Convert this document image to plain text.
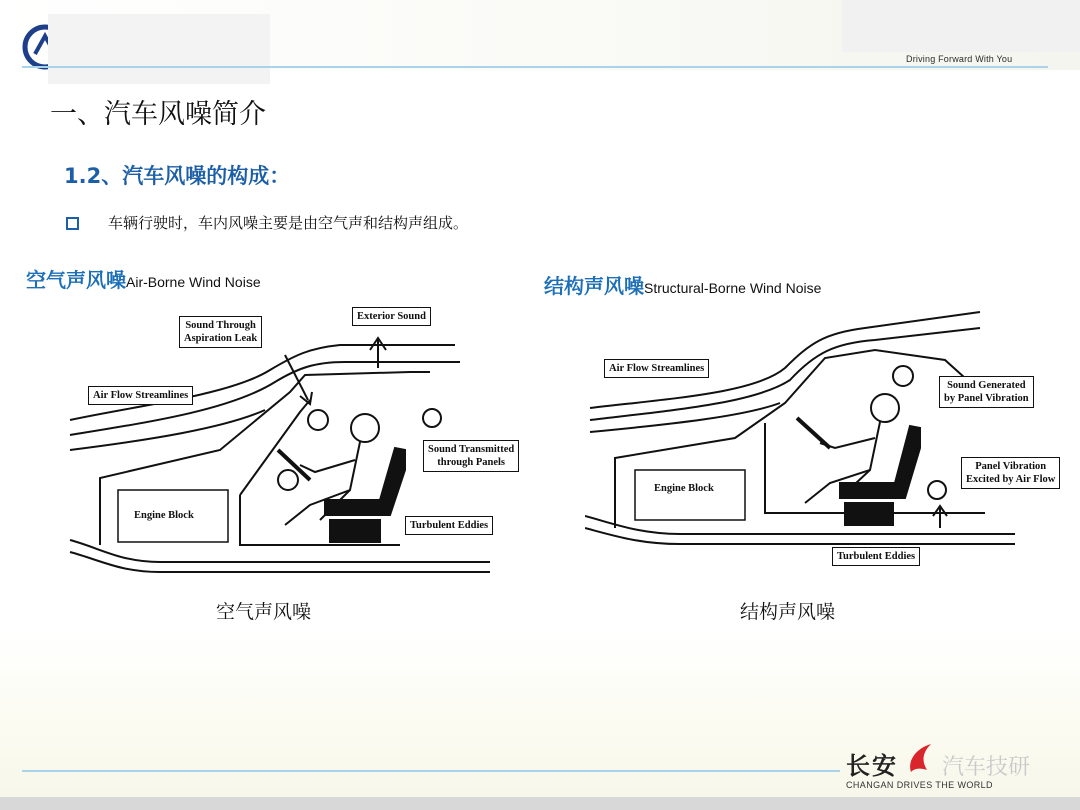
Driving Forward With You
一、汽车风噪简介
1.2、汽车风噪的构成：
车辆行驶时，车内风噪主要是由空气声和结构声组成。
空气声风噪Air-Borne Wind Noise
Sound Through
Aspiration Leak
Exterior Sound
Air Flow Streamlines
Sound Transmitted
through Panels
Engine Block
Turbulent Eddies
空气声风噪
结构声风噪Structural-Borne Wind Noise
Air Flow Streamlines
Sound Generated
by Panel Vibration
Panel Vibration
Excited by Air Flow
Engine Block
Turbulent Eddies
结构声风噪
长安 汽车技研
CHANGAN DRIVES THE WORLD
